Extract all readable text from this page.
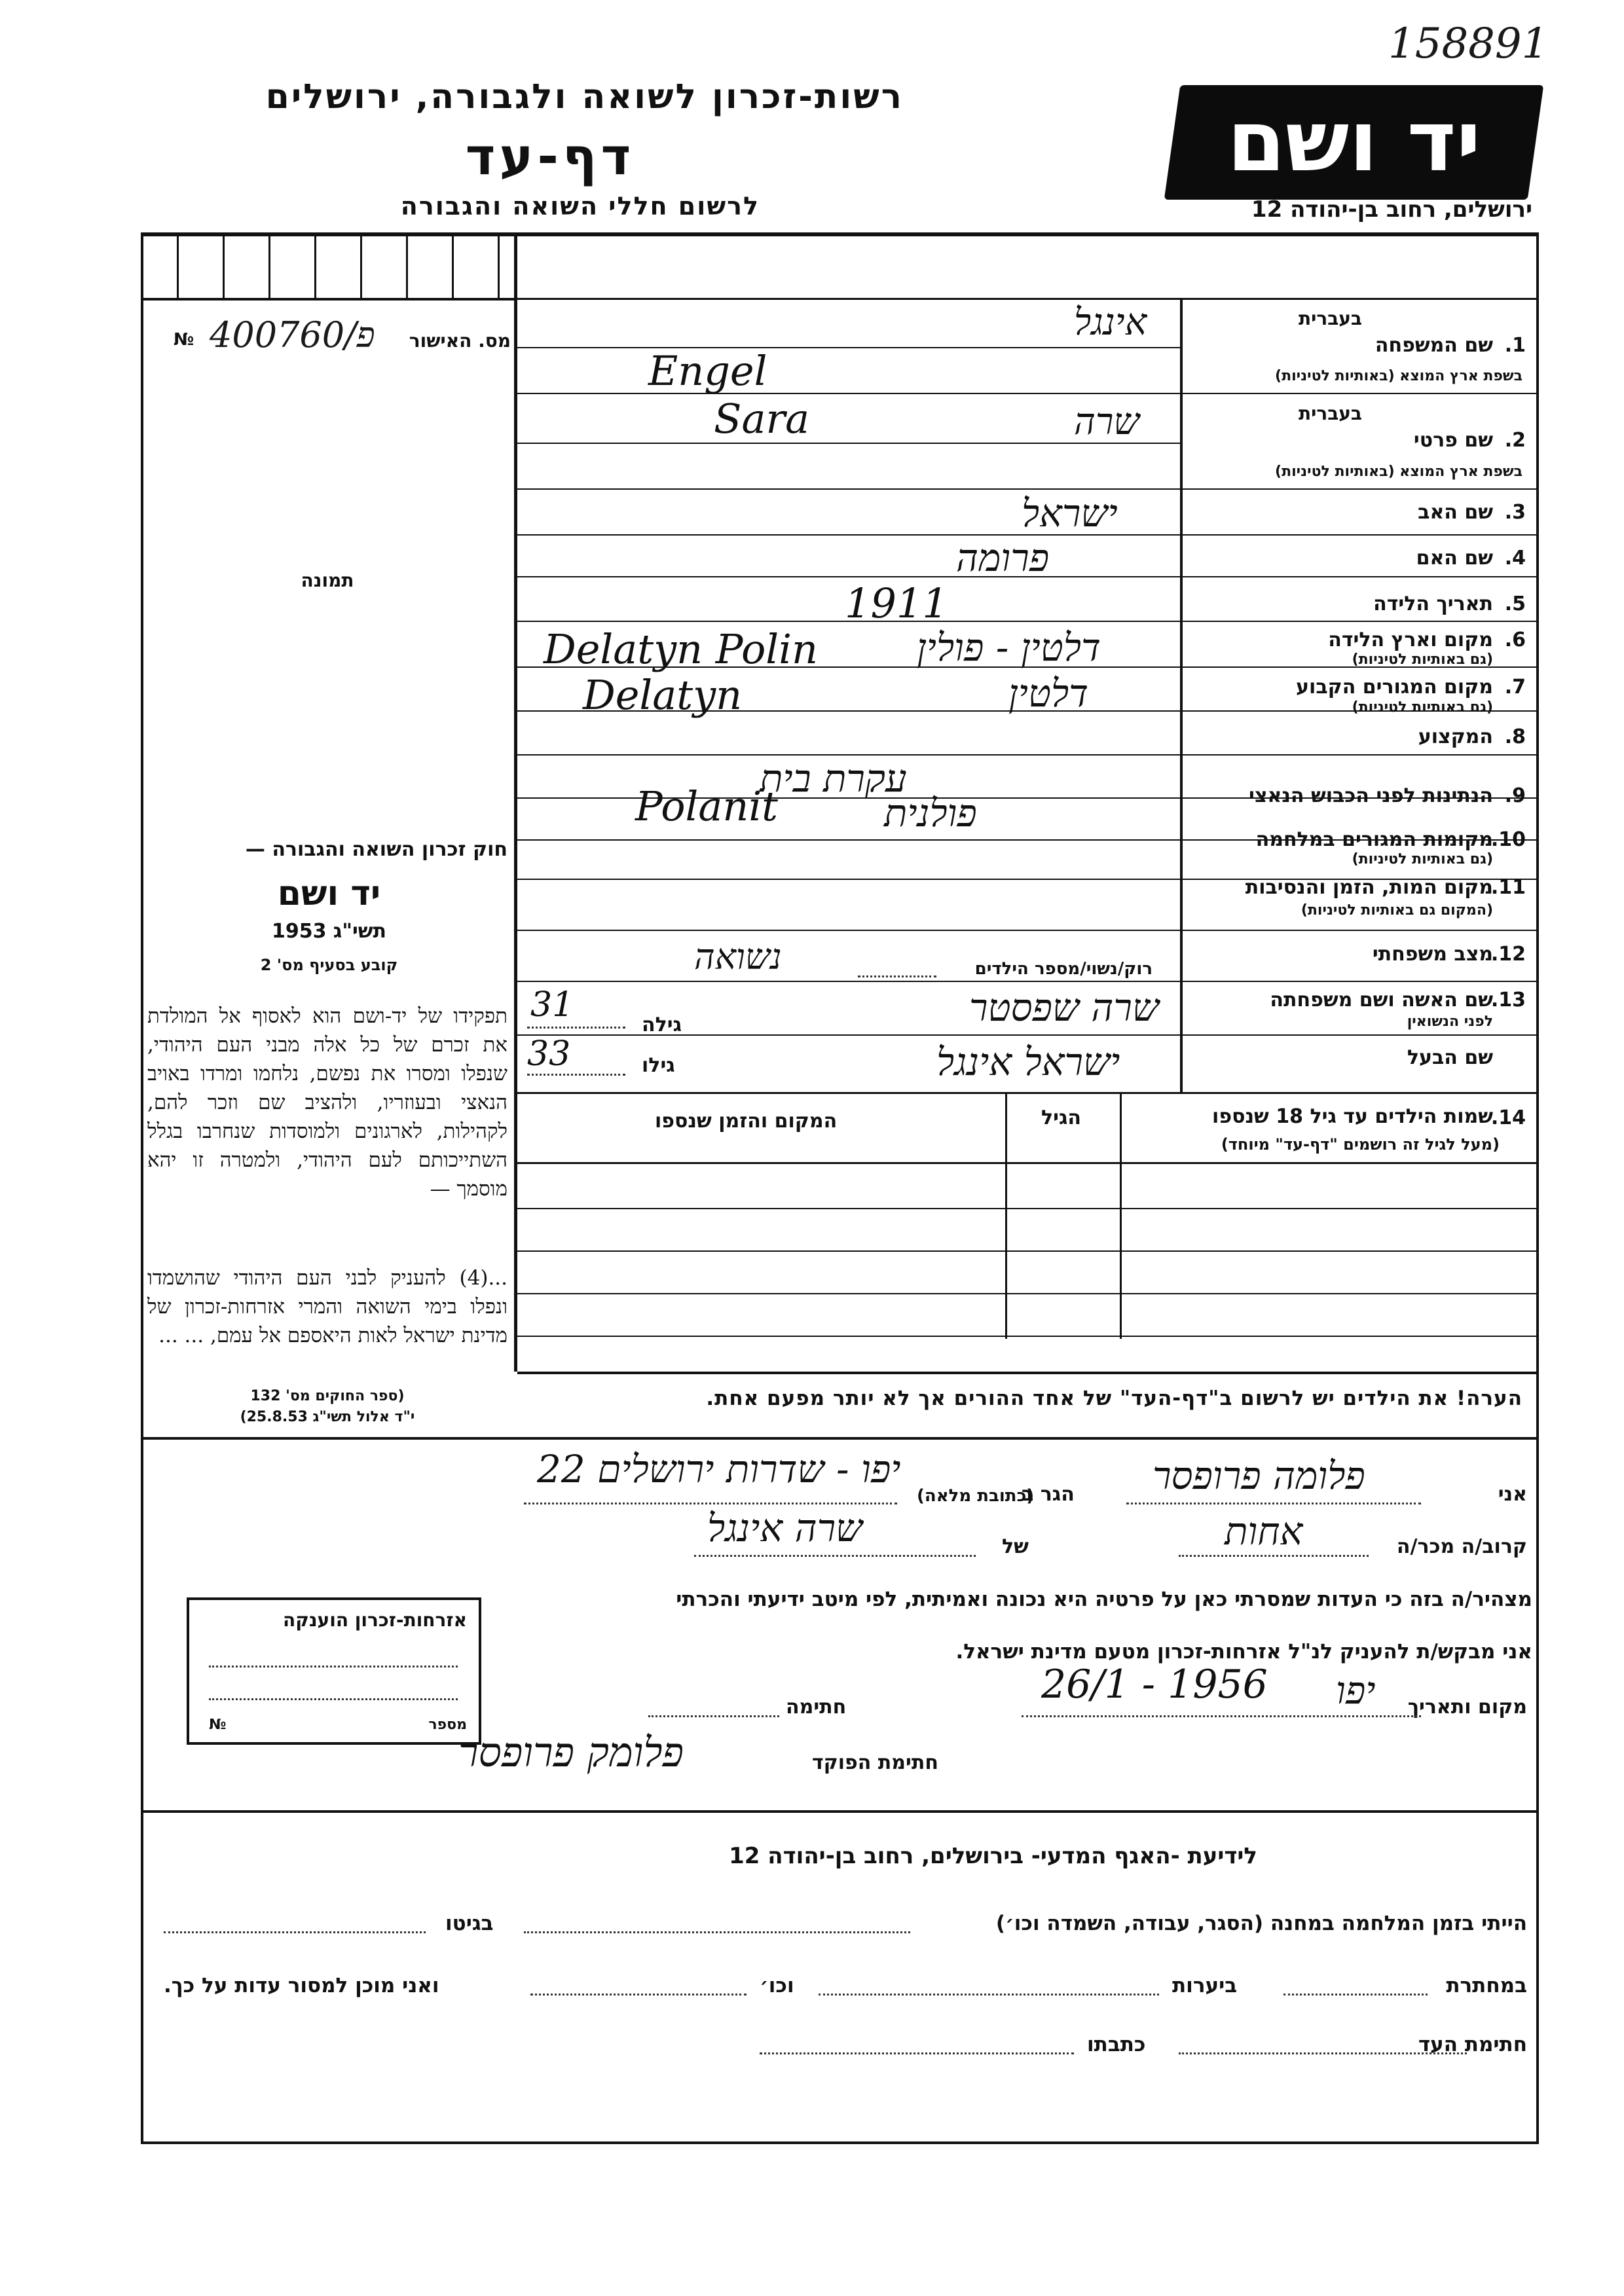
158891
יד ושם
רשות-זכרון לשואה ולגבורה, ירושלים
דף-עד
לרשום חללי השואה והגבורה	ירושלים, רחוב בן-יהודה 12
№ 400760/פ מס. האישור
תמונה
חוק זכרון השואה והגבורה —
יד ושם
תשי"ג 1953
קובע בסעיף מס' 2
תפקידו של יד-ושם הוא לאסוף אל המולדת את זכרם של כל אלה מבני העם היהודי, שנפלו ומסרו את נפשם, נלחמו ומרדו באויב הנאצי ובעוזריו, ולהציב שם וזכר להם, לקהילות, לארגונים ולמוסדות שנחרבו בגלל השתייכותם לעם היהודי, ולמטרה זו יהא מוסמך —
...(4) להעניק לבני העם היהודי שהושמדו ונפלו בימי השואה והמרי אזרחות-זכרון של מדינת ישראל לאות היאספם אל עמם, ... ...
(ספר החוקים מס' 132
י"ד אלול תשי"ג 25.8.53)
1.
שם המשפחה
בעברית
בשפת ארץ המוצא (באותיות לטיניות)
אינגל
Engel
בעברית
2.
שם פרטי
בשפת ארץ המוצא (באותיות לטיניות)
שרה
Sara
3.
שם האב
ישראל
4.
שם האם
פרומה
5.
תאריך הלידה
1911
6.
מקום וארץ הלידה
(גם באותיות לטיניות)
דלטין - פולין
Delatyn Polin
7.
מקום המגורים הקבוע
(גם באותיות לטיניות)
דלטין
Delatyn
8.
המקצוע
עקרת בית	9.
הנתינות לפני הכבוש הנאצי
פולנית
Polanit
10.
מקומות המגורים במלחמה
(גם באותיות לטיניות)
11.
מקום המות, הזמן והנסיבות
(המקום גם באותיות לטיניות)
12.
מצב משפחתי
רוק/נשוי/מספר הילדים
נשואה
13.
שם האשה ושם משפחתה
לפני הנשואין
שם הבעל
שרה שפסטר
ישראל אינגל
גילה
31
גילו
33
14.
שמות הילדים עד גיל 18 שנספו
(מעל לגיל זה רושמים "דף-עד" מיוחד)
הגיל
המקום והזמן שנספו
הערה! את הילדים יש לרשום ב"דף-העד" של אחד ההורים אך לא יותר מפעם אחת.
אני
פלומה פרופסר
הגר ב
(כתובת מלאה)
יפו - שדרות ירושלים 22
קרוב/ה מכר/ה
אחות
של
שרה אינגל
מצהיר/ה בזה כי העדות שמסרתי כאן על פרטיה היא נכונה ואמיתית, לפי מיטב ידיעתי והכרתי
אני מבקש/ת להעניק לנ"ל אזרחות-זכרון מטעם מדינת ישראל.
מקום ותאריך
יפו
26/1 - 1956
חתימה
חתימת הפוקד
פלומק פרופסר
אזרחות-זכרון הוענקה
מספר
№
לידיעת -האגף המדעי- בירושלים, רחוב בן-יהודה 12
הייתי בזמן המלחמה במחנה (הסגר, עבודה, השמדה וכו׳)
בגיטו
במחתרת
ביערות
וכו׳
ואני מוכן למסור עדות על כך.
חתימת העד
כתבתו
